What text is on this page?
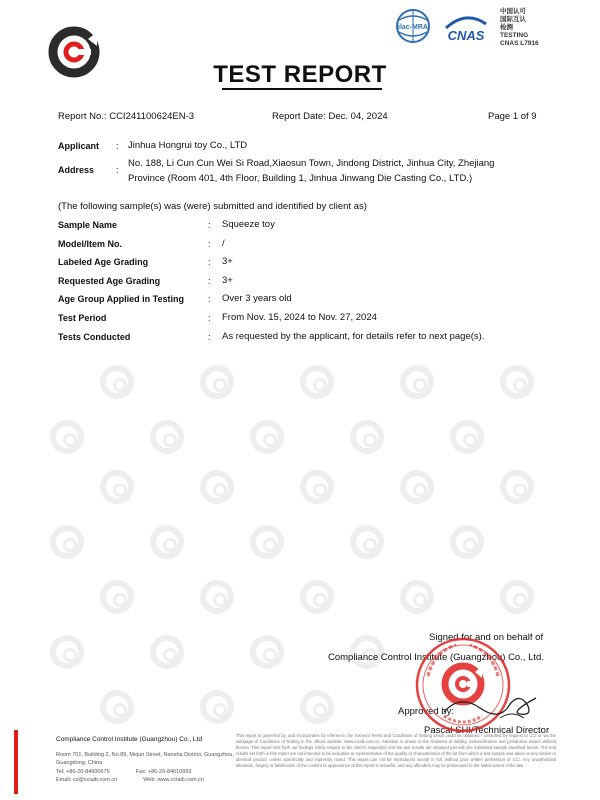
ilac-MRA
CNAS
中国认可
国际互认
检测
TESTING
CNAS L7916
TEST REPORT
Report No.: CCI241100624EN-3	Report Date: Dec. 04, 2024	Page 1 of 9
Applicant : Jinhua Hongrui toy Co., LTD
Address :
No. 188, Li Cun Cun Wei Si Road,Xiaosun Town, Jindong District, Jinhua City, Zhejiang
Province (Room 401, 4th Floor, Building 1, Jinhua Jinwang Die Casting Co., LTD.)
(The following sample(s) was (were) submitted and identified by client as)
Sample Name	: Squeeze toy
Model/Item No.	: /
Labeled Age Grading	: 3+
Requested Age Grading	: 3+
Age Group Applied in Testing	: Over 3 years old
Test Period	: From Nov. 15, 2024 to Nov. 27, 2024
Tests Conducted	: As requested by the applicant, for details refer to next page(s).
Signed for and on behalf of
Compliance Control Institute (Guangzhou) Co., Ltd.
Approved by:
Pascal SHI/Technical Director
Compliance Control Institute (Guangzhou) Co., Ltd
Room 701, Building 2, No.89, Mejun Street, Nansha District, Guangzhou,
Guangdong, China
Tel: +86-20-84600675	Fax: +86-20-84610993
Email: cs@cciaib.com.cn	Web: www.cciaib.com.cn
This report is governed by, and incorporates by reference, the General Terms and Conditions of Testing which could be obtained / consulted by request to CCI or via the webpage of Conditions of Testing in the official website: www.cciaib.com.cn. Attention is drawn to the limitation of liability, indemnification and jurisdiction issues defined therein. This report sets forth our findings solely respect to the client's request(s) and the test results are obtained just with the submitted sample identified herein. The test results set forth in this report are not intended to be indicative or representative of the quality or characteristics of the lot from which a test sample was taken or any similar or identical product unless specifically and expressly noted. This report can not be reproduced except in full, without prior written permission of CCI. Any unauthorized alteration, forgery or falsification of the content or appearance of this report is unlawful, and any offenders may be prosecuted to the fullest extent of the law.
